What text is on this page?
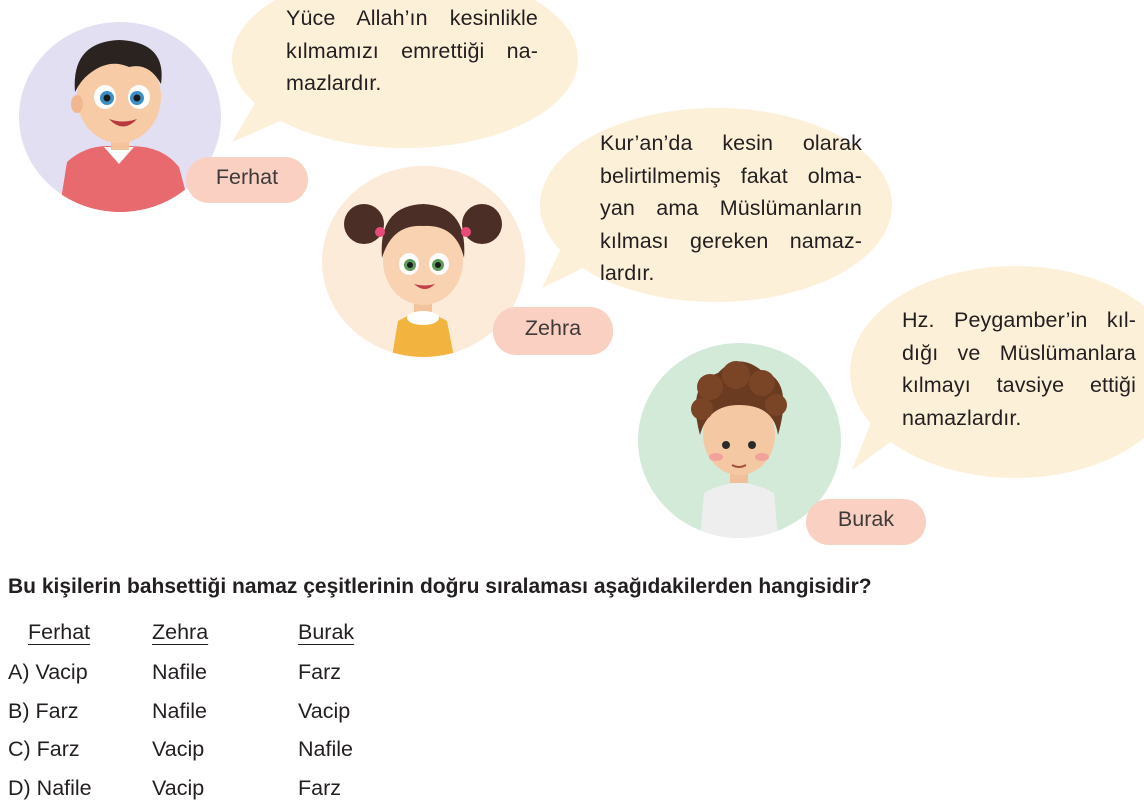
Yüce Allah’ın kesinlikle
kılmamızı emrettiği na-
mazlardır.
Ferhat
Kur’an’da kesin olarak
belirtilmemiş fakat olma-
yan ama Müslümanların
kılması gereken namaz-
lardır.
Zehra	Hz. Peygamber’in kıl-
dığı ve Müslümanlara
kılmayı tavsiye ettiği
namazlardır.
Burak
Bu kişilerin bahsettiği namaz çeşitlerinin doğru sıralaması aşağıdakilerden hangisidir?
Ferhat	Zehra	Burak
A) Vacip	Nafile	Farz
B) Farz	Nafile	Vacip
C) Farz	Vacip	Nafile
D) Nafile	Vacip	Farz
